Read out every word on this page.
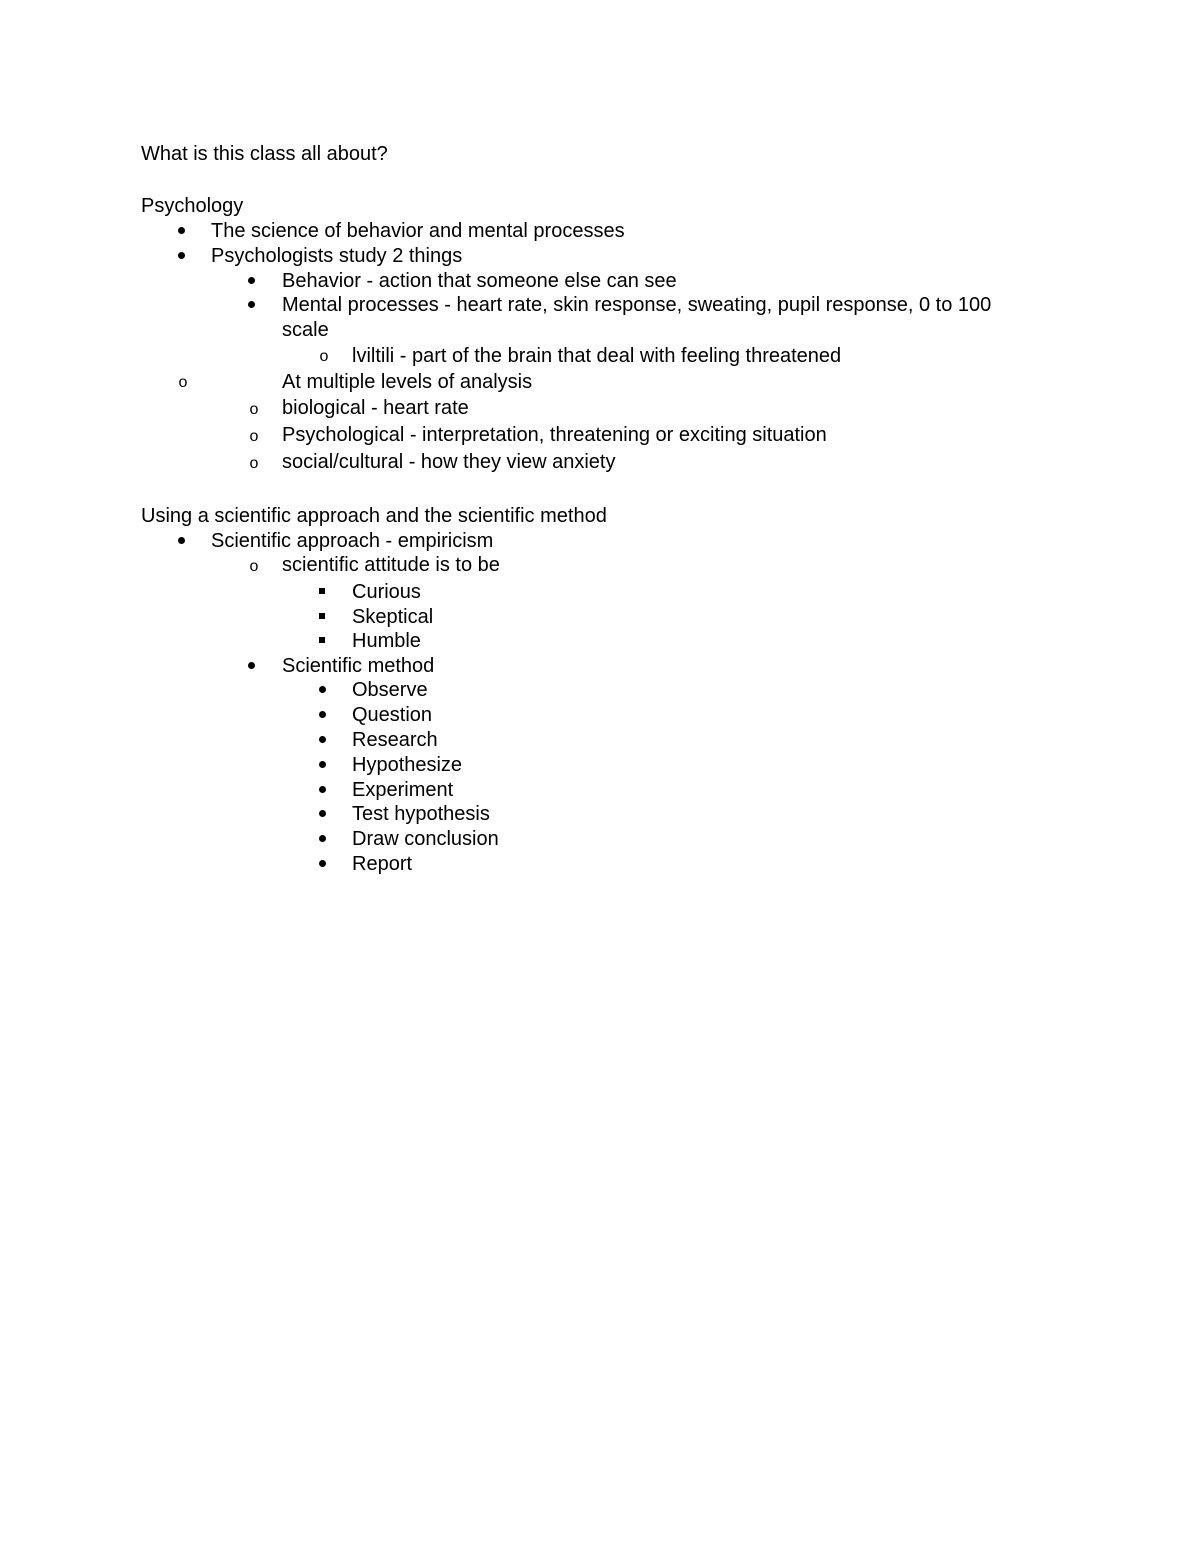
What is this class all about?
Psychology
The science of behavior and mental processes
Psychologists study 2 things
Behavior - action that someone else can see
Mental processes - heart rate, skin response, sweating, pupil response, 0 to 100
scale
o lviltili - part of the brain that deal with feeling threatened
o	At multiple levels of analysis
o biological - heart rate
o Psychological - interpretation, threatening or exciting situation
o social/cultural - how they view anxiety
Using a scientific approach and the scientific method
Scientific approach - empiricism
o scientific attitude is to be
Curious
Skeptical
Humble
Scientific method
Observe
Question
Research
Hypothesize
Experiment
Test hypothesis
Draw conclusion
Report
